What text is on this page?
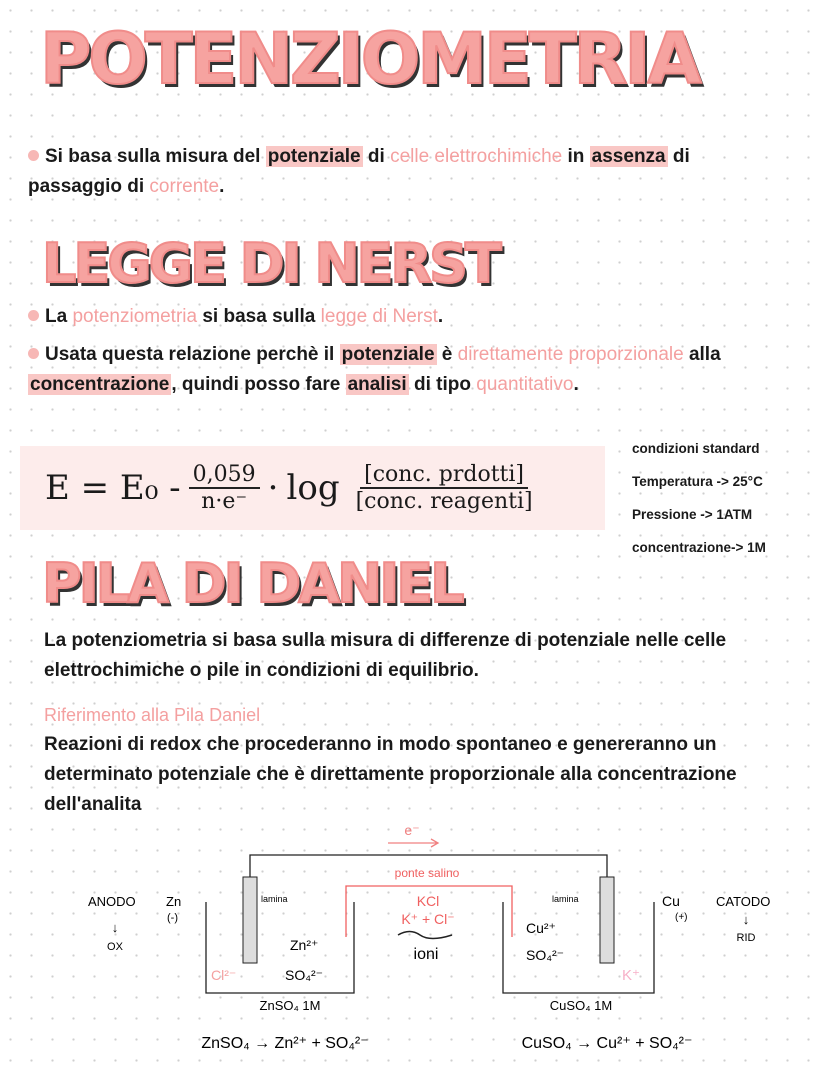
POTENZIOMETRIA
Si basa sulla misura del potenziale di celle elettrochimiche in assenza di passaggio di corrente.
LEGGE DI NERST
La potenziometria si basa sulla legge di Nerst.
Usata questa relazione perchè il potenziale è direttamente proporzionale alla concentrazione , quindi posso fare analisi di tipo quantitativo.
$E = E_0 - \frac{0,059}{n\cdot e^-} \cdot \log \frac{\text{[conc. prdotti]}}{\text{[conc. reagenti]}}$
condizioni standard
Temperatura -> 25°C
Pressione -> 1ATM
concentrazione-> 1M
PILA DI DANIEL
La potenziometria si basa sulla misura di differenze di potenziale nelle celle elettrochimiche o pile in condizioni di equilibrio.
Riferimento alla Pila Daniel
Reazioni di redox che procederanno in modo spontaneo e genereranno un determinato potenziale che è direttamente proporzionale alla concentrazione dell'analita
e⁻
ponte salino
KCl
K⁺ + Cl⁻
ioni
ANODO Zn
(-)
↓
OX
lamina
Zn²⁺
SO₄²⁻
Cl²⁻
ZnSO₄ 1M
lamina
Cu²⁺
SO₄²⁻
K⁺
CuSO₄ 1M
Cu
(+)
CATODO
↓
RID
ZnSO₄ → Zn²⁺ + SO₄²⁻	CuSO₄ → Cu²⁺ + SO₄²⁻
